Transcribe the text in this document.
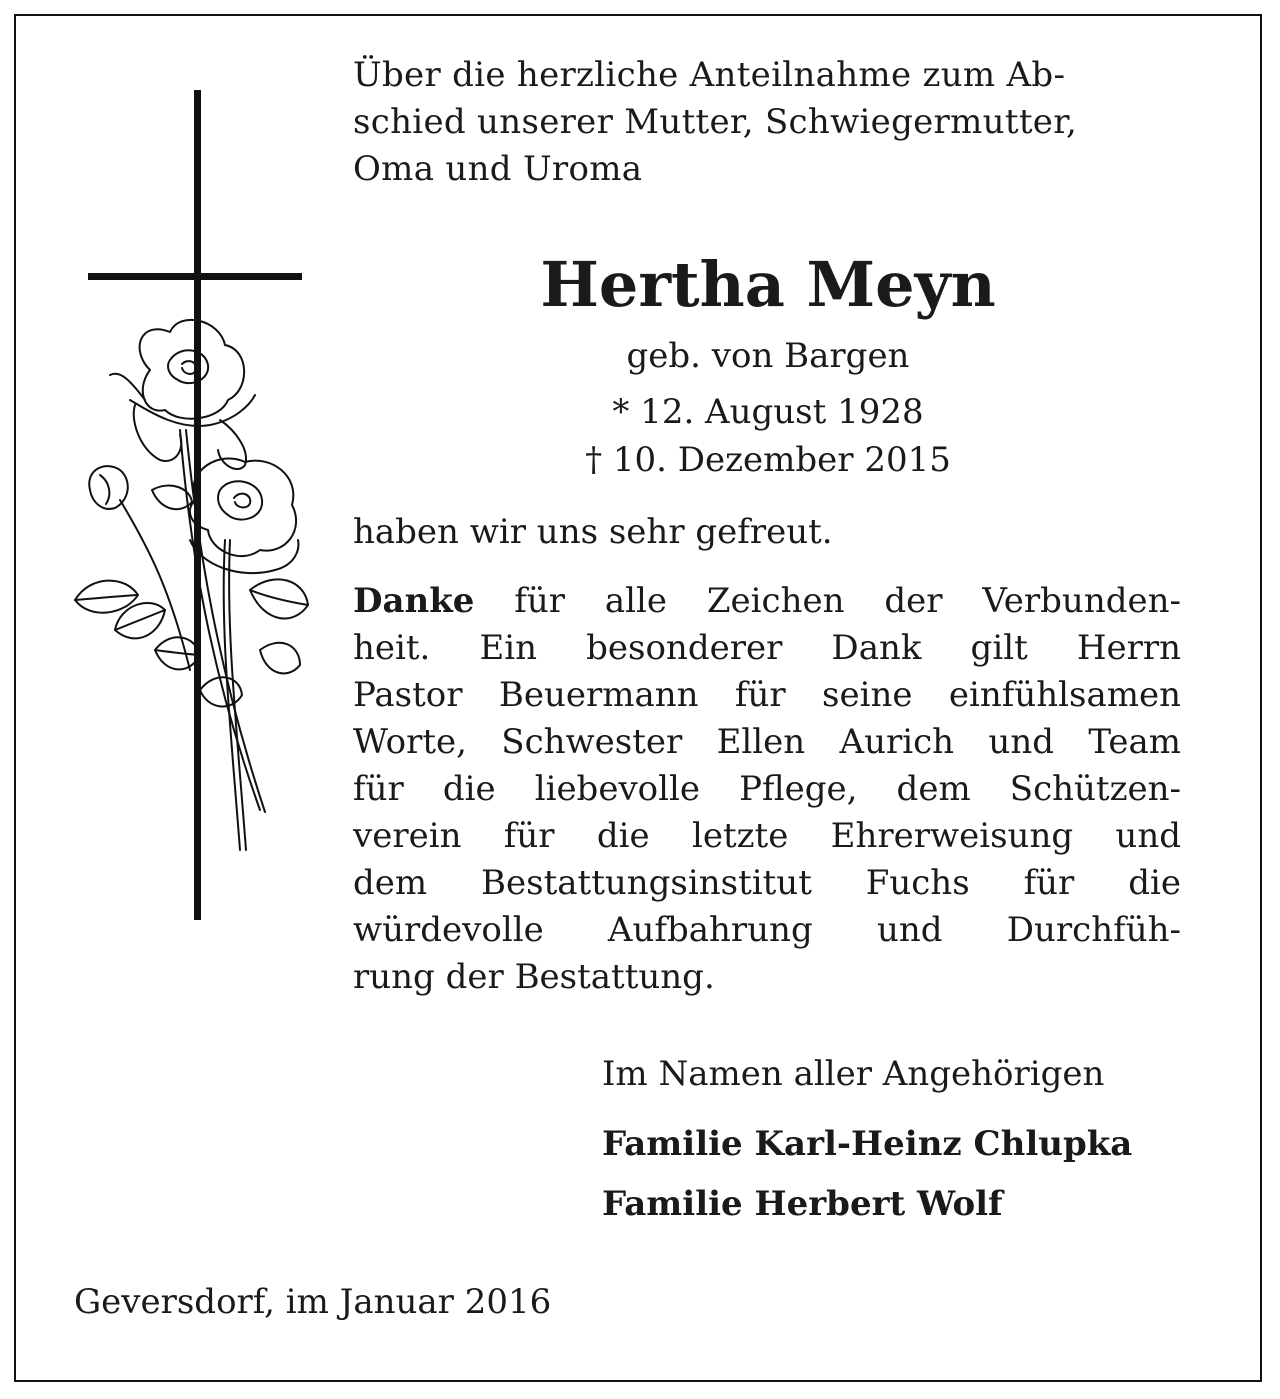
Über die herzliche Anteilnahme zum Ab-
schied unserer Mutter, Schwiegermutter,
Oma und Uroma
Hertha Meyn
geb. von Bargen
* 12. August 1928
† 10. Dezember 2015
haben wir uns sehr gefreut.
Danke für alle Zeichen der Verbunden-
heit. Ein besonderer Dank gilt Herrn
Pastor Beuermann für seine einfühlsamen
Worte, Schwester Ellen Aurich und Team
für die liebevolle Pflege, dem Schützen-
verein für die letzte Ehrerweisung und
dem Bestattungsinstitut Fuchs für die
würdevolle Aufbahrung und Durchfüh-
rung der Bestattung.
Im Namen aller Angehörigen
Familie Karl-Heinz Chlupka
Familie Herbert Wolf
Geversdorf, im Januar 2016
